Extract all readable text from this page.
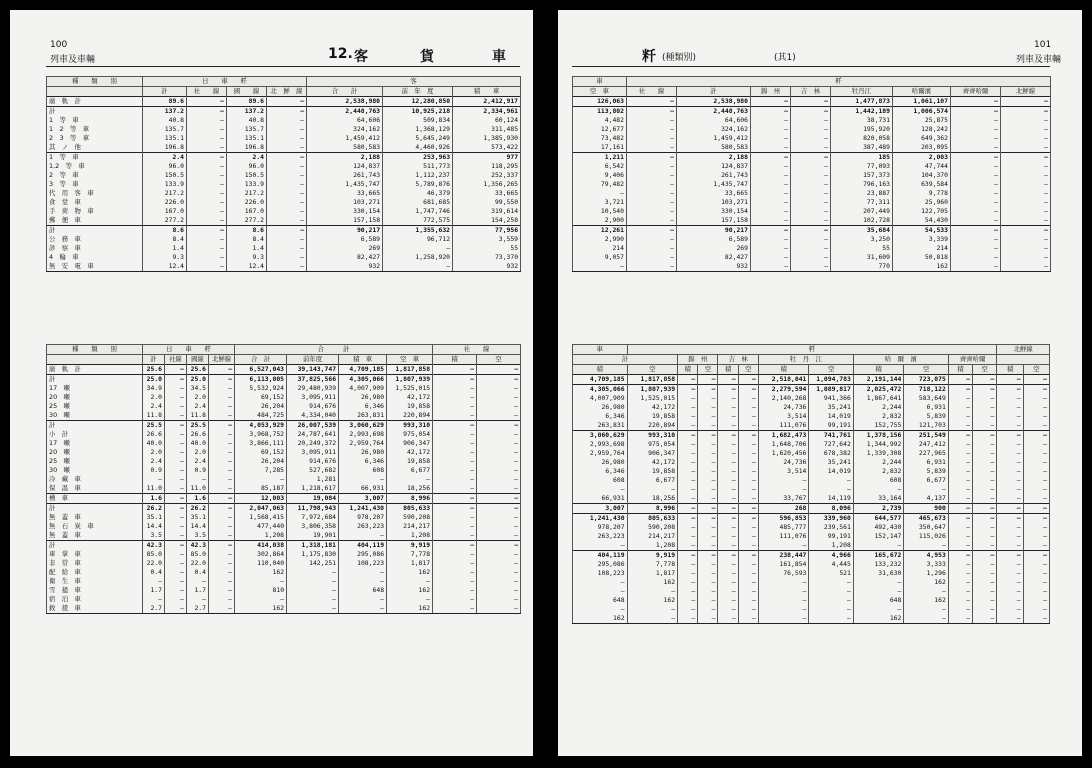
100
列車及車輛	12. 客	貨	車
種　　類　　別	日　　車　　粁				客		
	計	社　　線	國　　線	北　鮮　線	合　　計	前　年　度	積　　車
廣　軌　計	89.6	—	89.6	—	2,538,980	12,280,850	2,412,917
計	137.2	—	137.2	—	2,448,763	10,925,218	2,334,961
1　等　車	40.8	—	40.8	—	64,606	509,834	60,124
1　2　等　車	135.7	—	135.7	—	324,162	1,368,129	311,485
2　3　等　車	135.1	—	135.1	—	1,459,412	5,645,249	1,385,930
其　ノ　他	196.8	—	196.8	—	580,583	4,460,926	573,422
1　等　車	2.4	—	2.4	—	2,188	253,963	977
1,2　等　車	96.0	—	96.0	—	124,837	511,773	118,295
2　等　車	150.5	—	150.5	—	261,743	1,112,237	252,337
3　等　車	133.9	—	133.9	—	1,435,747	5,789,876	1,356,265
代　用　客　車	217.2	—	217.2	—	33,665	46,379	33,665
食　堂　車	226.0	—	226.0	—	103,271	681,685	99,550
手　荷　物　車	167.0	—	167.0	—	330,154	1,747,746	319,614
郵　便　車	277.2	—	277.2	—	157,158	772,575	154,258
計	8.6	—	8.6	—	90,217	1,355,632	77,956
公　務　車	8.4	—	8.4	—	6,589	96,712	3,559
診　察　車	1.4	—	1.4	—	269	—	55
4　輪　車	9.3	—	9.3	—	82,427	1,258,920	73,370
無　安　電　車	12.4	—	12.4	—	932	—	932
種　　類　　別	日　　車　　粁				合　　　計				社　　線	
	計	社線	國線	北鮮線	合　計	前年度	積　車	空　車	積	空
廣　軌　計	25.6	—	25.6	—	6,527,043	39,143,747	4,709,185	1,817,858	—	—
計	25.0	—	25.0	—	6,113,005	37,825,566	4,305,066	1,807,939	—	—
17　噸	34.9	—	34.5	—	5,532,924	29,480,939	4,007,909	1,525,015	—	—
20　噸	2.0	—	2.0	—	69,152	3,095,911	26,980	42,172	—	—
25　噸	2.4	—	2.4	—	26,204	914,676	6,346	19,858	—	—
30　噸	11.8	—	11.8	—	484,725	4,334,040	263,831	220,894	—	—
計	25.5	—	25.5	—	4,053,929	26,007,539	3,060,629	993,310	—	—
小　計	26.6	—	26.6	—	3,968,752	24,787,641	2,993,698	975,054	—	—
17　噸	40.0	—	40.0	—	3,866,111	20,249,372	2,959,764	906,347	—	—
20　噸	2.0	—	2.0	—	69,152	3,095,911	26,980	42,172	—	—
25　噸	2.4	—	2.4	—	26,204	914,676	6,346	19,858	—	—
30　噸	0.9	—	0.9	—	7,285	527,682	608	6,677	—	—
冷　藏　車	—	—	—	—	—	1,281	—	—	—	—
保　温　車	11.0	—	11.0	—	85,187	1,218,617	66,931	18,256	—	—
槽　車	1.6	—	1.6	—	12,003	19,084	3,007	8,996	—	—
計	26.2	—	26.2	—	2,047,063	11,798,943	1,241,430	805,633	—	—
無　蓋　車	35.1	—	35.1	—	1,568,415	7,972,684	978,207	590,208	—	—
無　石　炭　車	14.4	—	14.4	—	477,440	3,806,358	263,223	214,217	—	—
無　蓋　車	3.5	—	3.5	—	1,208	19,901	—	1,208	—	—
計	42.3	—	42.3	—	414,038	1,318,181	404,119	9,919	—	—
車　掌　車	85.0	—	85.0	—	302,864	1,175,830	295,086	7,778	—	—
非　常　車	22.0	—	22.0	—	110,040	142,251	108,223	1,817	—	—
配　給　車	0.4	—	0.4	—	162	—	—	162	—	—
衛　生　車	—	—	—	—	—	—	—	—	—	—
雪　掻　車	1.7	—	1.7	—	810	—	648	162	—	—
宿　泊　車	—	—	—	—	—	—	—	—	—	—
救　援　車	2.7	—	2.7	—	162	—	—	162	—	—
粁 (種類別)	(其1)
101
列車及車輛
車	粁							
空　車	社　　線	計	錦　州	吉　林	牡丹江	哈爾濱	齊齊哈爾	北鮮線
126,063	—	2,538,980	—	—	1,477,873	1,061,107	—	—
113,802	—	2,448,763	—	—	1,442,189	1,006,574	—	—
4,482	—	64,606	—	—	38,731	25,875	—	—
12,677	—	324,162	—	—	195,920	128,242	—	—
73,482	—	1,459,412	—	—	820,058	649,362	—	—
17,161	—	580,583	—	—	387,489	203,095	—	—
1,211	—	2,188	—	—	185	2,003	—	—
6,542	—	124,837	—	—	77,093	47,744	—	—
9,406	—	261,743	—	—	157,373	104,370	—	—
79,482	—	1,435,747	—	—	796,163	639,584	—	—
—	—	33,665	—	—	23,887	9,778	—	—
3,721	—	103,271	—	—	77,311	25,960	—	—
10,540	—	330,154	—	—	207,449	122,705	—	—
2,900	—	157,158	—	—	102,728	54,430	—	—
12,261	—	90,217	—	—	35,684	54,533	—	—
2,990	—	6,589	—	—	3,250	3,339	—	—
214	—	269	—	—	55	214	—	—
9,057	—	82,427	—	—	31,609	50,818	—	—
—	—	932	—	—	770	162	—	—
車	粁											北鮮線	
計		錦　州		吉　林		牡　丹　江		哈　爾　濱		齊齊哈爾			
積	空	積	空	積	空	積	空	積	空	積	空	積	空
4,709,185	1,817,858	—	—	—	—	2,518,041	1,094,783	2,191,144	723,075	—	—	—	—
4,305,066	1,807,939	—	—	—	—	2,279,594	1,089,817	2,025,472	718,122	—	—	—	—
4,007,909	1,525,015	—	—	—	—	2,140,268	941,366	1,867,641	583,649	—	—	—	—
26,980	42,172	—	—	—	—	24,736	35,241	2,244	6,931	—	—	—	—
6,346	19,858	—	—	—	—	3,514	14,019	2,832	5,839	—	—	—	—
263,831	220,894	—	—	—	—	111,076	99,191	152,755	121,703	—	—	—	—
3,060,629	993,310	—	—	—	—	1,682,473	741,761	1,378,156	251,549	—	—	—	—
2,993,698	975,054	—	—	—	—	1,648,706	727,642	1,344,992	247,412	—	—	—	—
2,959,764	906,347	—	—	—	—	1,620,456	678,382	1,339,308	227,965	—	—	—	—
26,980	42,172	—	—	—	—	24,736	35,241	2,244	6,931	—	—	—	—
6,346	19,858	—	—	—	—	3,514	14,019	2,832	5,839	—	—	—	—
608	6,677	—	—	—	—	—	—	608	6,677	—	—	—	—
—	—	—	—	—	—	—	—	—	—	—	—	—	—
66,931	18,256	—	—	—	—	33,767	14,119	33,164	4,137	—	—	—	—
3,007	8,996	—	—	—	—	268	8,096	2,739	900	—	—	—	—
1,241,430	805,633	—	—	—	—	596,853	339,960	644,577	465,673	—	—	—	—
978,207	590,208	—	—	—	—	485,777	239,561	492,430	350,647	—	—	—	—
263,223	214,217	—	—	—	—	111,076	99,191	152,147	115,026	—	—	—	—
—	1,208	—	—	—	—	—	1,208	—	—	—	—	—	—
404,119	9,919	—	—	—	—	238,447	4,966	165,672	4,953	—	—	—	—
295,086	7,778	—	—	—	—	161,854	4,445	133,232	3,333	—	—	—	—
108,223	1,817	—	—	—	—	76,593	521	31,630	1,296	—	—	—	—
—	162	—	—	—	—	—	—	—	162	—	—	—	—
—	—	—	—	—	—	—	—	—	—	—	—	—	—
648	162	—	—	—	—	—	—	648	162	—	—	—	—
—	—	—	—	—	—	—	—	—	—	—	—	—	—
162	—	—	—	—	—	—	—	162	—	—	—	—	—
